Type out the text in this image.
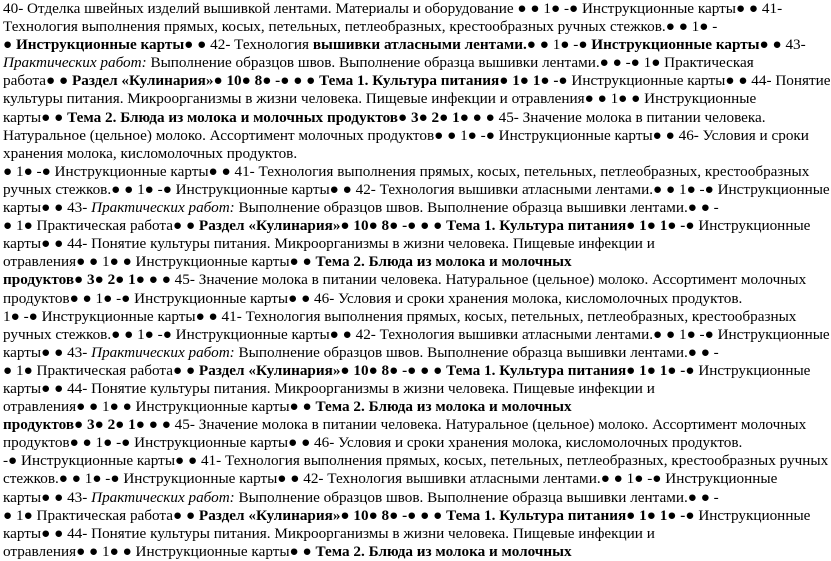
40- Отделка швейных изделий вышивкой лентами. Материалы и оборудование ● ● 1● -● Инструкционные карты● ● 41-
Технология выполнения прямых, косых, петельных, петлеобразных, крестообразных ручных стежков.● ● 1● -
● Инструкционные карты● ● 42- Технология вышивки атласными лентами.● ● 1● -● Инструкционные карты● ● 43-
Практических работ: Выполнение образцов швов. Выполнение образца вышивки лентами.● ● -● 1● Практическая
работа● ● Раздел «Кулинария»● 10● 8● -● ● ● Тема 1. Культура питания● 1● 1● -● Инструкционные карты● ● 44- Понятие
культуры питания. Микроорганизмы в жизни человека. Пищевые инфекции и отравления● ● 1● ● Инструкционные
карты● ● Тема 2. Блюда из молока и молочных продуктов● 3● 2● 1● ● ● 45- Значение молока в питании человека.
Натуральное (цельное) молоко. Ассортимент молочных продуктов● ● 1● -● Инструкционные карты● ● 46- Условия и сроки
хранения молока, кисломолочных продуктов.
● 1● -● Инструкционные карты● ● 41- Технология выполнения прямых, косых, петельных, петлеобразных, крестообразных
ручных стежков.● ● 1● -● Инструкционные карты● ● 42- Технология вышивки атласными лентами.● ● 1● -● Инструкционные
карты● ● 43- Практических работ: Выполнение образцов швов. Выполнение образца вышивки лентами.● ● -
● 1● Практическая работа● ● Раздел «Кулинария»● 10● 8● -● ● ● Тема 1. Культура питания● 1● 1● -● Инструкционные
карты● ● 44- Понятие культуры питания. Микроорганизмы в жизни человека. Пищевые инфекции и
отравления● ● 1● ● Инструкционные карты● ● Тема 2. Блюда из молока и молочных
продуктов● 3● 2● 1● ● ● 45- Значение молока в питании человека. Натуральное (цельное) молоко. Ассортимент молочных
продуктов● ● 1● -● Инструкционные карты● ● 46- Условия и сроки хранения молока, кисломолочных продуктов.
1● -● Инструкционные карты● ● 41- Технология выполнения прямых, косых, петельных, петлеобразных, крестообразных
ручных стежков.● ● 1● -● Инструкционные карты● ● 42- Технология вышивки атласными лентами.● ● 1● -● Инструкционные
карты● ● 43- Практических работ: Выполнение образцов швов. Выполнение образца вышивки лентами.● ● -
● 1● Практическая работа● ● Раздел «Кулинария»● 10● 8● -● ● ● Тема 1. Культура питания● 1● 1● -● Инструкционные
карты● ● 44- Понятие культуры питания. Микроорганизмы в жизни человека. Пищевые инфекции и
отравления● ● 1● ● Инструкционные карты● ● Тема 2. Блюда из молока и молочных
продуктов● 3● 2● 1● ● ● 45- Значение молока в питании человека. Натуральное (цельное) молоко. Ассортимент молочных
продуктов● ● 1● -● Инструкционные карты● ● 46- Условия и сроки хранения молока, кисломолочных продуктов.
-● Инструкционные карты● ● 41- Технология выполнения прямых, косых, петельных, петлеобразных, крестообразных ручных
стежков.● ● 1● -● Инструкционные карты● ● 42- Технология вышивки атласными лентами.● ● 1● -● Инструкционные
карты● ● 43- Практических работ: Выполнение образцов швов. Выполнение образца вышивки лентами.● ● -
● 1● Практическая работа● ● Раздел «Кулинария»● 10● 8● -● ● ● Тема 1. Культура питания● 1● 1● -● Инструкционные
карты● ● 44- Понятие культуры питания. Микроорганизмы в жизни человека. Пищевые инфекции и
отравления● ● 1● ● Инструкционные карты● ● Тема 2. Блюда из молока и молочных
